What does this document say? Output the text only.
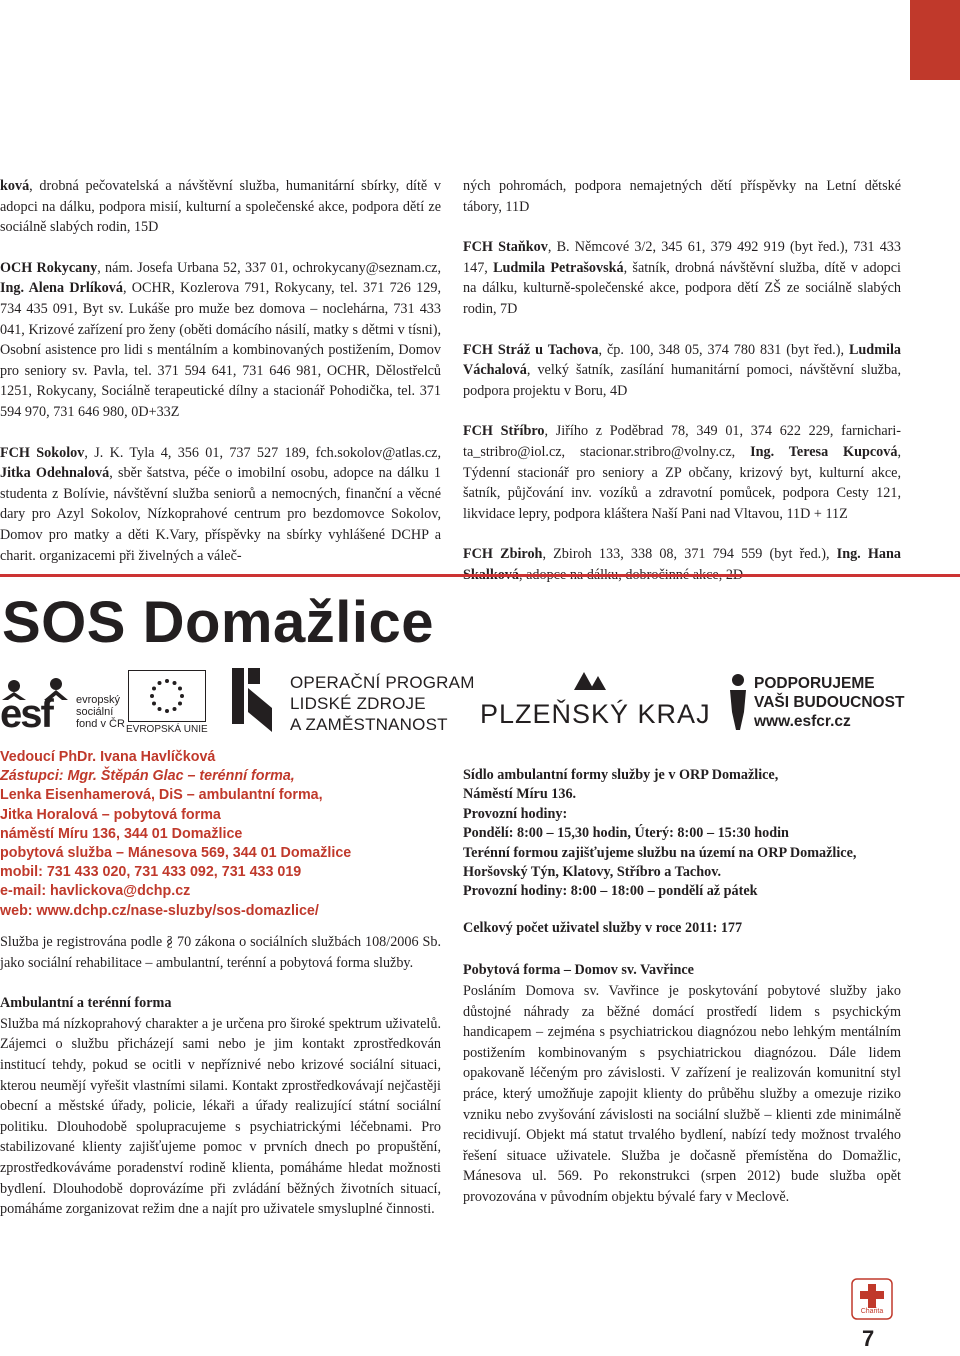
ková, drobná pečovatelská a návštěvní služba, humanitární sbírky, dítě v adopci na dálku, podpora misií, kulturní a společenské akce, podpora dětí ze sociálně slabých rodin, 15D

OCH Rokycany, nám. Josefa Urbana 52, 337 01, ochrokycany@seznam.cz, Ing. Alena Drlíková, OCHR, Kozlerova 791, Rokycany, tel. 371 726 129, 734 435 091, Byt sv. Lukáše pro muže bez domova – noclehárna, 731 433 041, Krizové zařízení pro ženy (oběti domácího násilí, matky s dětmi v tísni), Osobní asistence pro lidi s mentálním a kombinovaných postižením, Domov pro seniory sv. Pavla, tel. 371 594 641, 731 646 981, OCHR, Dělostřelců 1251, Rokycany, Sociálně terapeutické dílny a stacionář Pohodička, tel. 371 594 970, 731 646 980, 0D+33Z

FCH Sokolov, J. K. Tyla 4, 356 01, 737 527 189, fch.sokolov@atlas.cz, Jitka Odehnalová, sběr šatstva, péče o imobilní osobu, adopce na dálku 1 studenta z Bolívie, návštěvní služba seniorů a nemocných, finanční a věcné dary pro Azyl Sokolov, Nízkoprahové centrum pro bezdomovce Sokolov, Domov pro matky a děti K.Vary, příspěvky na sbírky vyhlášené DCHP a charit. organizacemi při živelných a váleč-

ných pohromách, podpora nemajetných dětí příspěvky na Letní dětské tábory, 11D

FCH Staňkov, B. Němcové 3/2, 345 61, 379 492 919 (byt řed.), 731 433 147, Ludmila Petrašovská, šatník, drobná návštěvní služba, dítě v adopci na dálku, kulturně-společenské akce, podpora dětí ZŠ ze sociálně slabých rodin, 7D

FCH Stráž u Tachova, čp. 100, 348 05, 374 780 831 (byt řed.), Ludmila Váchalová, velký šatník, zasílání humanitární pomoci, návštěvní služba, podpora projektu v Boru, 4D

FCH Stříbro, Jiřího z Poděbrad 78, 349 01, 374 622 229, farnichari-ta_stribro@iol.cz, stacionar.stribro@volny.cz, Ing. Teresa Kupcová, Týdenní stacionář pro seniory a ZP občany, krizový byt, kulturní akce, šatník, půjčování inv. vozíků a zdravotní pomůcek, podpora Cesty 121, likvidace lepry, podpora kláštera Naší Pani nad Vltavou, 11D + 11Z

FCH Zbiroh, Zbiroh 133, 338 08, 371 794 559 (byt řed.), Ing. Hana

SOS Domažlice
esf evropský
sociální
fond v ČR EVROPSKÁ UNIE
OPERAČNÍ PROGRAM
LIDSKÉ ZDROJE
A ZAMĚSTNANOST	PLZEŇSKÝ KRAJ
PODPORUJEME
VAŠI BUDOUCNOST
www.esfcr.cz
Vedoucí PhDr. Ivana Havlíčková
Zástupci: Mgr. Štěpán Glac – terénní forma,
Lenka Eisenhamerová, DiS – ambulantní forma,
Jitka Horalová – pobytová forma
náměstí Míru 136, 344 01 Domažlice
pobytová služba – Mánesova 569, 344 01 Domažlice
mobil: 731 433 020, 731 433 092, 731 433 019
e-mail: havlickova@dchp.cz
web: www.dchp.cz/nase-sluzby/sos-domazlice/

Služba je registrována podle § 70 zákona o sociálních službách 108/2006 Sb. jako sociální rehabilitace – ambulantní, terénní a pobytová forma služby.

Ambulantní a terénní forma
Služba má nízkoprahový charakter a je určena pro široké spektrum uživatelů. Zájemci o službu přicházejí sami nebo je jim kontakt zprostředkován institucí tehdy, pokud se ocitli v nepříznivé nebo krizové sociální situaci, kterou neumějí vyřešit vlastními silami. Kontakt zprostředkovávají nejčastěji obecní a městské úřady, policie, lékaři a úřady realizující státní sociální politiku. Dlouhodobě spolupracujeme s psychiatrickými léčebnami. Pro stabilizované klienty zajišťujeme pomoc v prvních dnech po propuštění, zprostředkováváme poradenství rodině klienta, pomáháme hledat možnosti bydlení. Dlouhodobě doprovázíme při zvládání běžných životních situací, pomáháme zorganizovat režim dne a najít pro uživatele smysluplné činnosti.

Sídlo ambulantní formy služby je v ORP Domažlice,
Náměstí Míru 136.
Provozní hodiny:
Pondělí: 8:00 – 15,30 hodin, Úterý: 8:00 – 15:30 hodin
Terénní formou zajišťujeme službu na území na ORP Domažlice,
Horšovský Týn, Klatovy, Stříbro a Tachov.
Provozní hodiny: 8:00 – 18:00 – pondělí až pátek

Celkový počet uživatel služby v roce 2011: 177

Pobytová forma – Domov sv. Vavřince
Posláním Domova sv. Vavřince je poskytování pobytové služby jako důstojné náhrady za běžné domácí prostředí lidem s psychickým handicapem – zejména s psychiatrickou diagnózou nebo lehkým mentálním postižením kombinovaným s psychiatrickou diagnózou. Dále lidem opakovaně léčeným pro závislosti. V zařízení je realizován komunitní styl práce, který umožňuje zapojit klienty do průběhu služby a omezuje riziko vzniku nebo zvyšování závislosti na sociální službě – klienti zde minimálně recidivují. Objekt má statut trvalého bydlení, nabízí tedy možnost trvalého řešení situace uživatele. Služba je dočasně přemístěna do Domažlic, Mánesova ul. 569. Po rekonstrukci (srpen 2012) bude služba opět provozována v původním objektu bývalé fary v Meclově.

Charita
7
